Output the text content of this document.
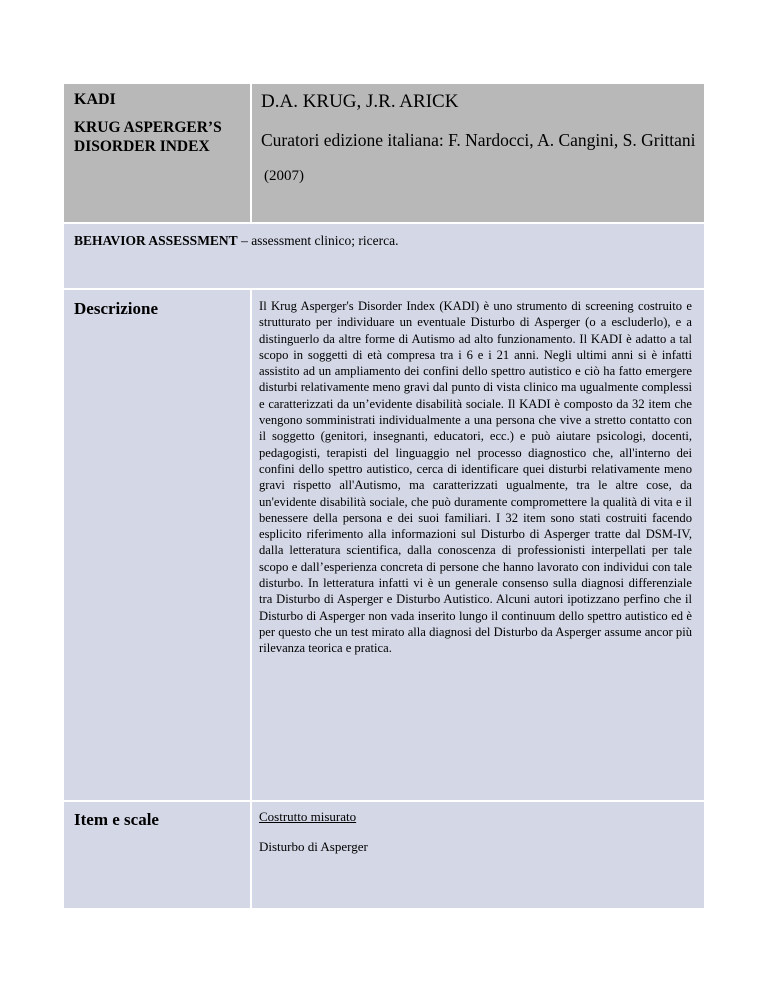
KADI

KRUG ASPERGER’S DISORDER INDEX

D.A. KRUG, J.R. ARICK

Curatori edizione italiana: F. Nardocci, A. Cangini, S. Grittani

(2007)

BEHAVIOR ASSESSMENT – assessment clinico; ricerca.

Descrizione	Il Krug Asperger's Disorder Index (KADI) è uno strumento di screening costruito e strutturato per individuare un eventuale Disturbo di Asperger (o a escluderlo), e a distinguerlo da altre forme di Autismo ad alto funzionamento. Il KADI è adatto a tal scopo in soggetti di età compresa tra i 6 e i 21 anni. Negli ultimi anni si è infatti assistito ad un ampliamento dei confini dello spettro autistico e ciò ha fatto emergere disturbi relativamente meno gravi dal punto di vista clinico ma ugualmente complessi e caratterizzati da un’evidente disabilità sociale. Il KADI è composto da 32 item che vengono somministrati individualmente a una persona che vive a stretto contatto con il soggetto (genitori, insegnanti, educatori, ecc.) e può aiutare psicologi, docenti, pedagogisti, terapisti del linguaggio nel processo diagnostico che, all'interno dei confini dello spettro autistico, cerca di identificare quei disturbi relativamente meno gravi rispetto all'Autismo, ma caratterizzati ugualmente, tra le altre cose, da un'evidente disabilità sociale, che può duramente compromettere la qualità di vita e il benessere della persona e dei suoi familiari. I 32 item sono stati costruiti facendo esplicito riferimento alla informazioni sul Disturbo di Asperger tratte dal DSM-IV, dalla letteratura scientifica, dalla conoscenza di professionisti interpellati per tale scopo e dall’esperienza concreta di persone che hanno lavorato con individui con tale disturbo. In letteratura infatti vi è un generale consenso sulla diagnosi differenziale tra Disturbo di Asperger e Disturbo Autistico. Alcuni autori ipotizzano perfino che il Disturbo di Asperger non vada inserito lungo il continuum dello spettro autistico ed è per questo che un test mirato alla diagnosi del Disturbo da Asperger assume ancor più rilevanza teorica e pratica.

Item e scale	Costrutto misurato

Disturbo di Asperger
